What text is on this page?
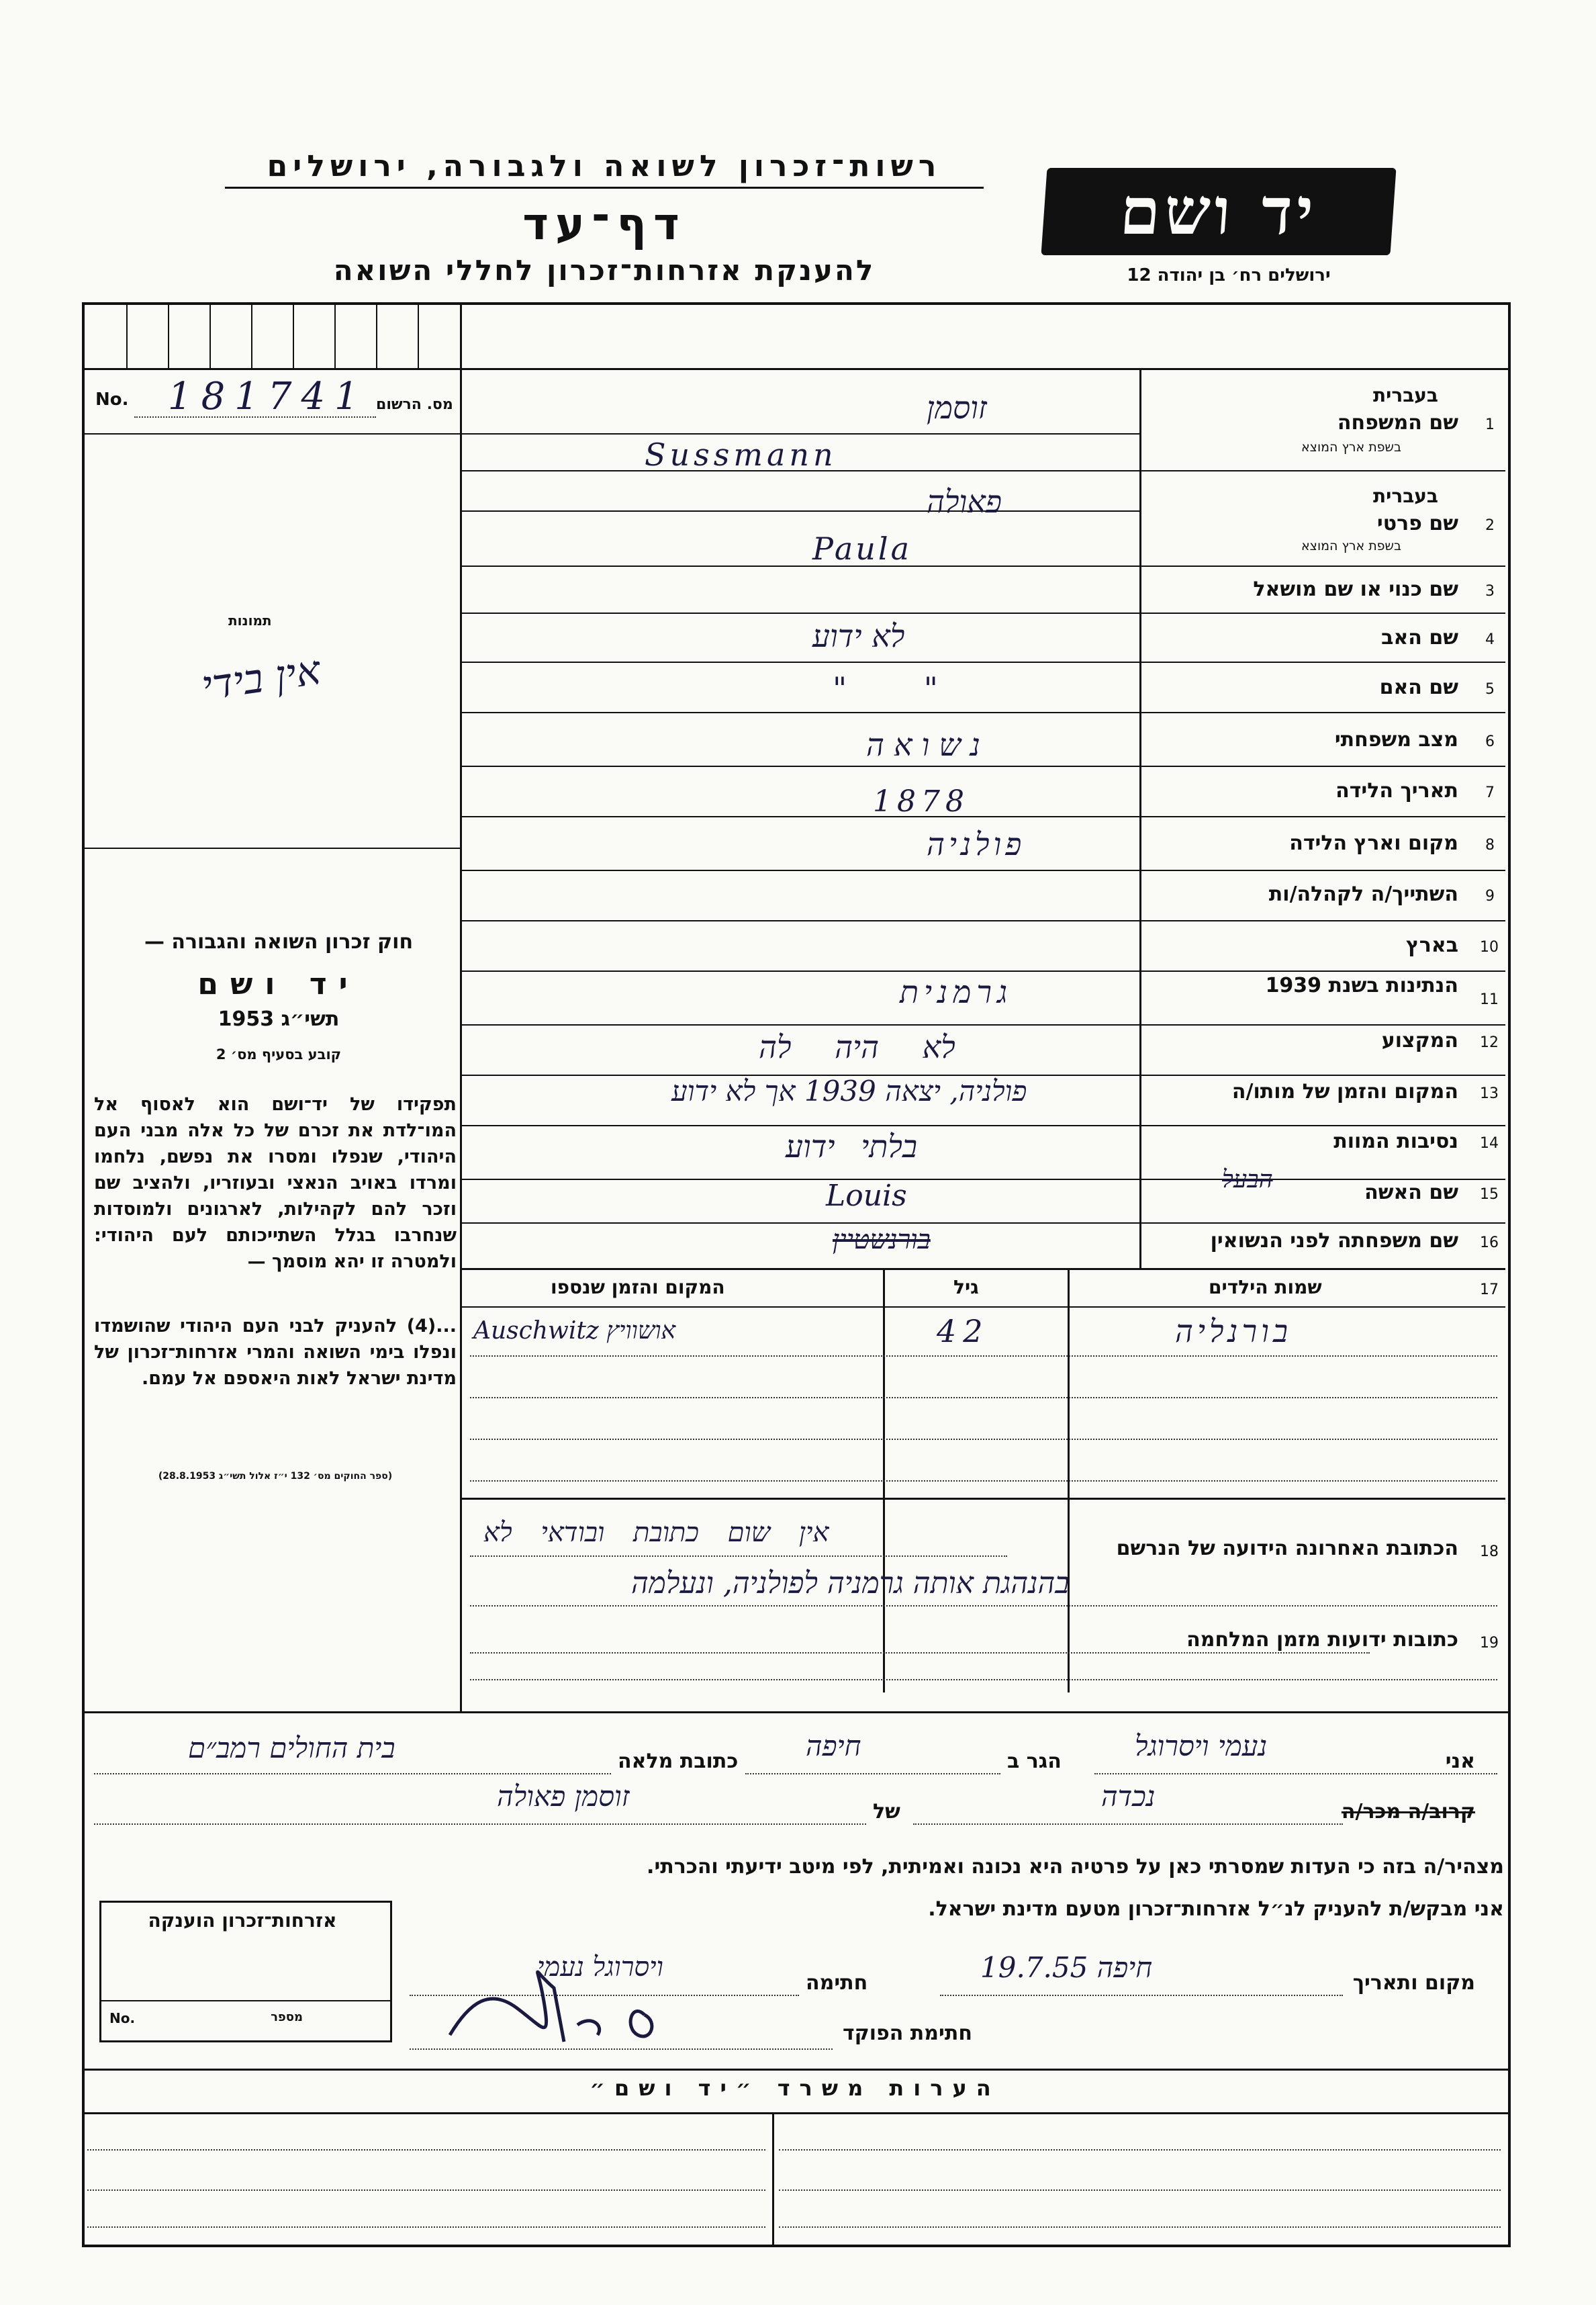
רשות־זכרון לשואה ולגבורה, ירושלים
דף־עד
להענקת אזרחות־זכרון לחללי השואה
יד ושם
ירושלים רח׳ בן יהודה 12
No. 181741 מס. הרשום
תמונות
אין בידי
חוק זכרון השואה והגבורה —
יד ושם
תשי״ג 1953
קובע בסעיף מס׳ 2
תפקידו של יד־ושם הוא לאסוף אל המו־לדת את זכרם של כל אלה מבני העם היהודי, שנפלו ומסרו את נפשם, נלחמו ומרדו באויב הנאצי ובעוזריו, ולהציב שם וזכר להם לקהילות, לארגונים ולמוסדות שנחרבו בגלל השתייכותם לעם היהודי: ולמטרה זו יהא מוסמך —
...(4) להעניק לבני העם היהודי שהושמדו ונפלו בימי השואה והמרי אזרחות־זכרון של מדינת ישראל לאות היאספם אל עמם.
(ספר החוקים מס׳ 132 י״ז אלול תשי״ג 28.8.1953)
1
שם המשפחה
בעברית
בשפת ארץ המוצא
2
שם פרטי
בעברית
בשפת ארץ המוצא
3
שם כנוי או שם מושאל
4
שם האב
5
שם האם
6
מצב משפחתי
7
תאריך הלידה
8
מקום וארץ הלידה
9
השתייך/ה לקהלה/ות
10
בארץ
11
הנתינות בשנת 1939
12
המקצוע
13
המקום והזמן של מותו/ה
14
נסיבות המוות
15
שם האשה
16
שם משפחתה לפני הנשואין
זוסמן
Sussmann
פאולה
Paula
לא ידוע
" "
נשואה
1878
פולניה
גרמנית
לא היה לה
פולניה, יצאה 1939 אך לא ידוע
בלתי ידוע
Louis	הבעל
בורנשטיין
17
שמות הילדים
גיל
המקום והזמן שנספו
בורנליה
42
Auschwitz אושוויץ
18
הכתובת האחרונה הידועה של הנרשם
אין שום כתובת ובודאי לא
בהנהגת אותה גרמניה לפולניה, ונעלמה
19
כתובות ידועות מזמן המלחמה
אני
נעמי ויסרוגל
הגר ב
חיפה
כתובת מלאה
בית החולים רמב״ם
קרוב/ה מכר/ה
נכדה
של
זוסמן פאולה
מצהיר/ה בזה כי העדות שמסרתי כאן על פרטיה היא נכונה ואמיתית, לפי מיטב ידיעתי והכרתי.
אני מבקש/ת להעניק לנ״ל אזרחות־זכרון מטעם מדינת ישראל.
אזרחות־זכרון הוענקה
No.	מספר
מקום ותאריך
חיפה 19.7.55
חתימה
ויסרוגל נעמי
חתימת הפוקד
הערות משרד ״יד ושם״
